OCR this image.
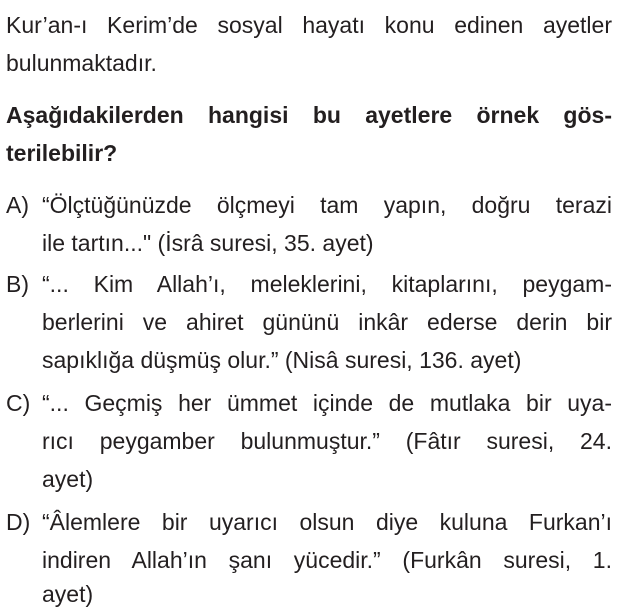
Kur’an-ı Kerim’de sosyal hayatı konu edinen ayetler
bulunmaktadır.
Aşağıdakilerden hangisi bu ayetlere örnek gös-
terilebilir?
A) “Ölçtüğünüzde ölçmeyi tam yapın, doğru terazi
ile tartın..." (İsrâ suresi, 35. ayet)
B) “... Kim Allah’ı, meleklerini, kitaplarını, peygam-
berlerini ve ahiret gününü inkâr ederse derin bir
sapıklığa düşmüş olur.” (Nisâ suresi, 136. ayet)
C) “... Geçmiş her ümmet içinde de mutlaka bir uya-
rıcı peygamber bulunmuştur.” (Fâtır suresi, 24.
ayet)
D) “Âlemlere bir uyarıcı olsun diye kuluna Furkan’ı
indiren Allah’ın şanı yücedir.” (Furkân suresi, 1.
ayet)
